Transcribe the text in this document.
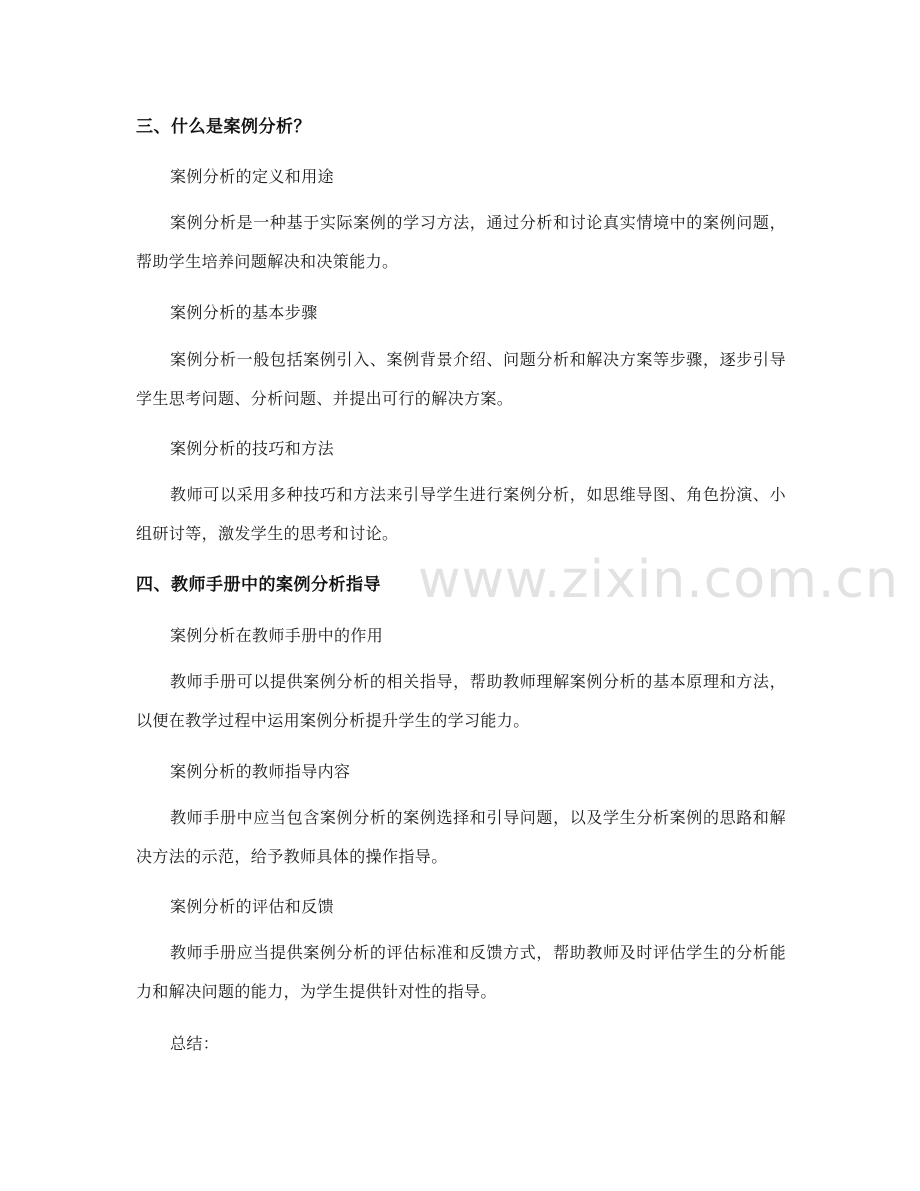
三、什么是案例分析？
案例分析的定义和用途
案例分析是一种基于实际案例的学习方法，通过分析和讨论真实情境中的案例问题，帮助学生培养问题解决和决策能力。
案例分析的基本步骤
案例分析一般包括案例引入、案例背景介绍、问题分析和解决方案等步骤，逐步引导学生思考问题、分析问题、并提出可行的解决方案。
案例分析的技巧和方法
教师可以采用多种技巧和方法来引导学生进行案例分析，如思维导图、角色扮演、小组研讨等，激发学生的思考和讨论。
www.zixin.com.cn
四、教师手册中的案例分析指导
案例分析在教师手册中的作用
教师手册可以提供案例分析的相关指导，帮助教师理解案例分析的基本原理和方法，以便在教学过程中运用案例分析提升学生的学习能力。
案例分析的教师指导内容
教师手册中应当包含案例分析的案例选择和引导问题，以及学生分析案例的思路和解决方法的示范，给予教师具体的操作指导。
案例分析的评估和反馈
教师手册应当提供案例分析的评估标准和反馈方式，帮助教师及时评估学生的分析能力和解决问题的能力，为学生提供针对性的指导。
总结：
